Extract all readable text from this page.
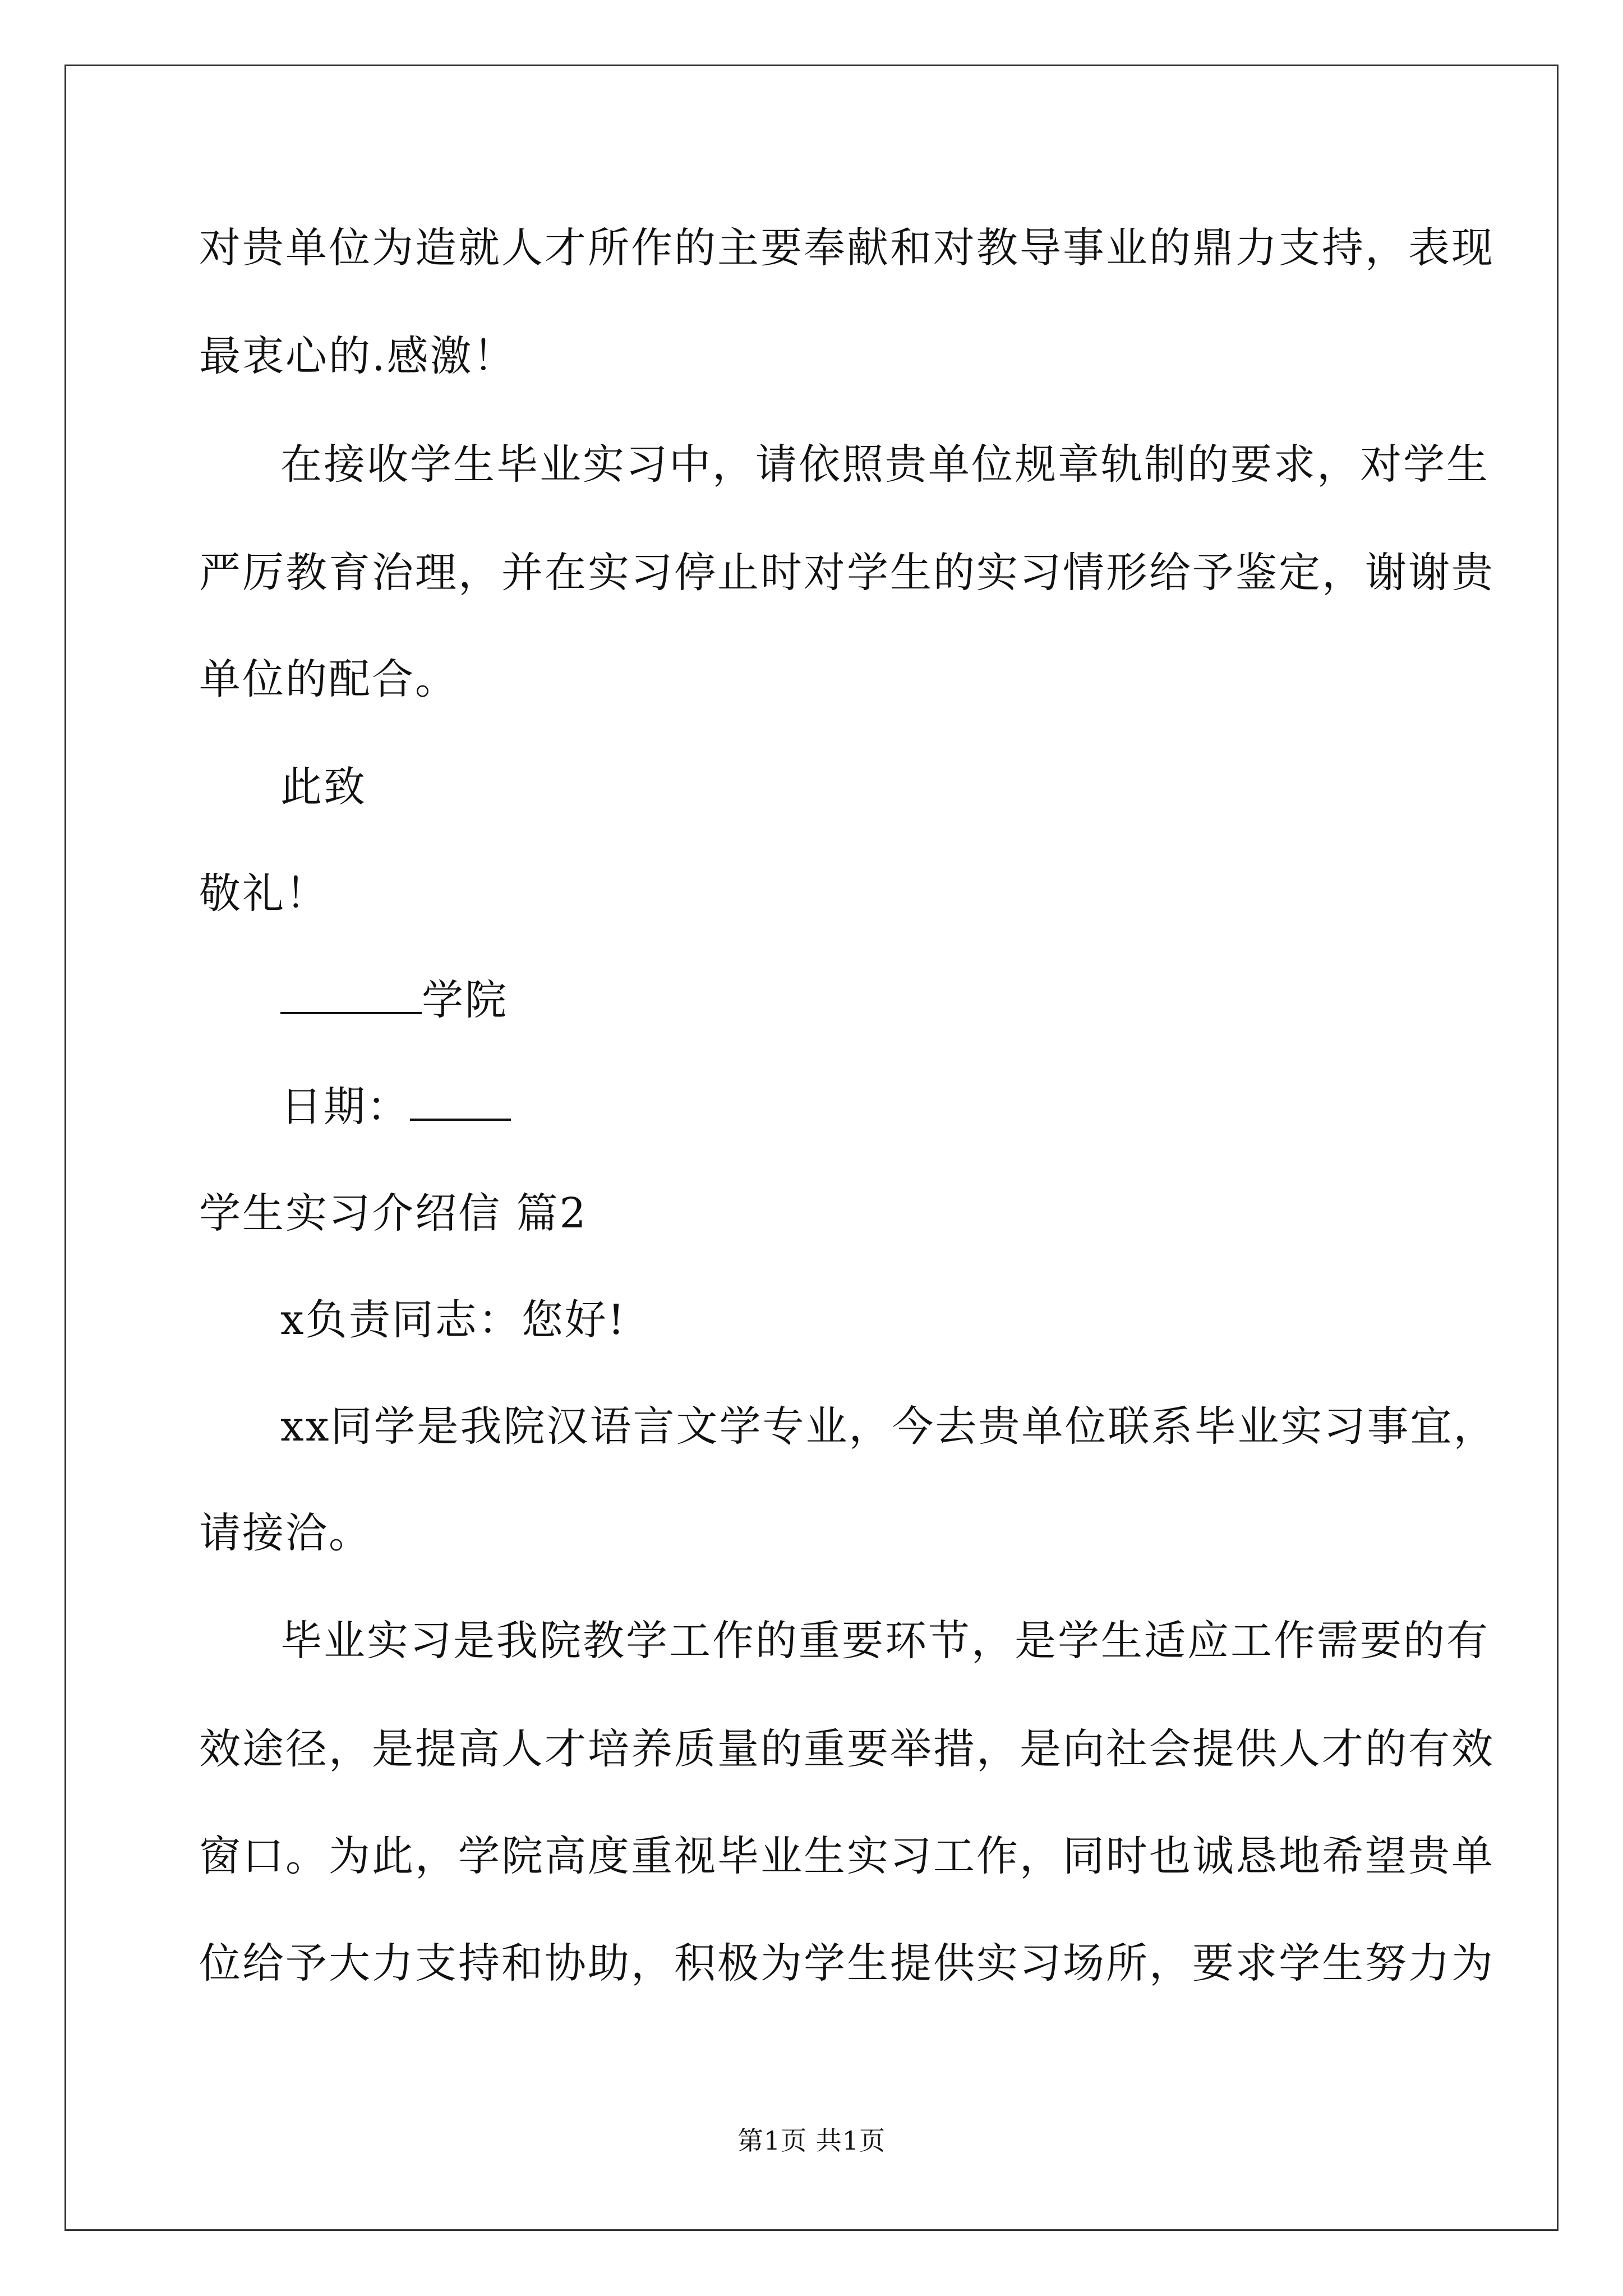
对贵单位为造就人才所作的主要奉献和对教导事业的鼎力支持，表现
最衷心的.感激！
在接收学生毕业实习中，请依照贵单位规章轨制的要求，对学生
严厉教育治理，并在实习停止时对学生的实习情形给予鉴定，谢谢贵
单位的配合。
此致
敬礼！
学院
日期：
学生实习介绍信 篇2
x负责同志：您好!
xx同学是我院汉语言文学专业，今去贵单位联系毕业实习事宜，
请接洽。
毕业实习是我院教学工作的重要环节，是学生适应工作需要的有
效途径，是提高人才培养质量的重要举措，是向社会提供人才的有效
窗口。为此，学院高度重视毕业生实习工作，同时也诚恳地希望贵单
位给予大力支持和协助，积极为学生提供实习场所，要求学生努力为
第1页 共1页
